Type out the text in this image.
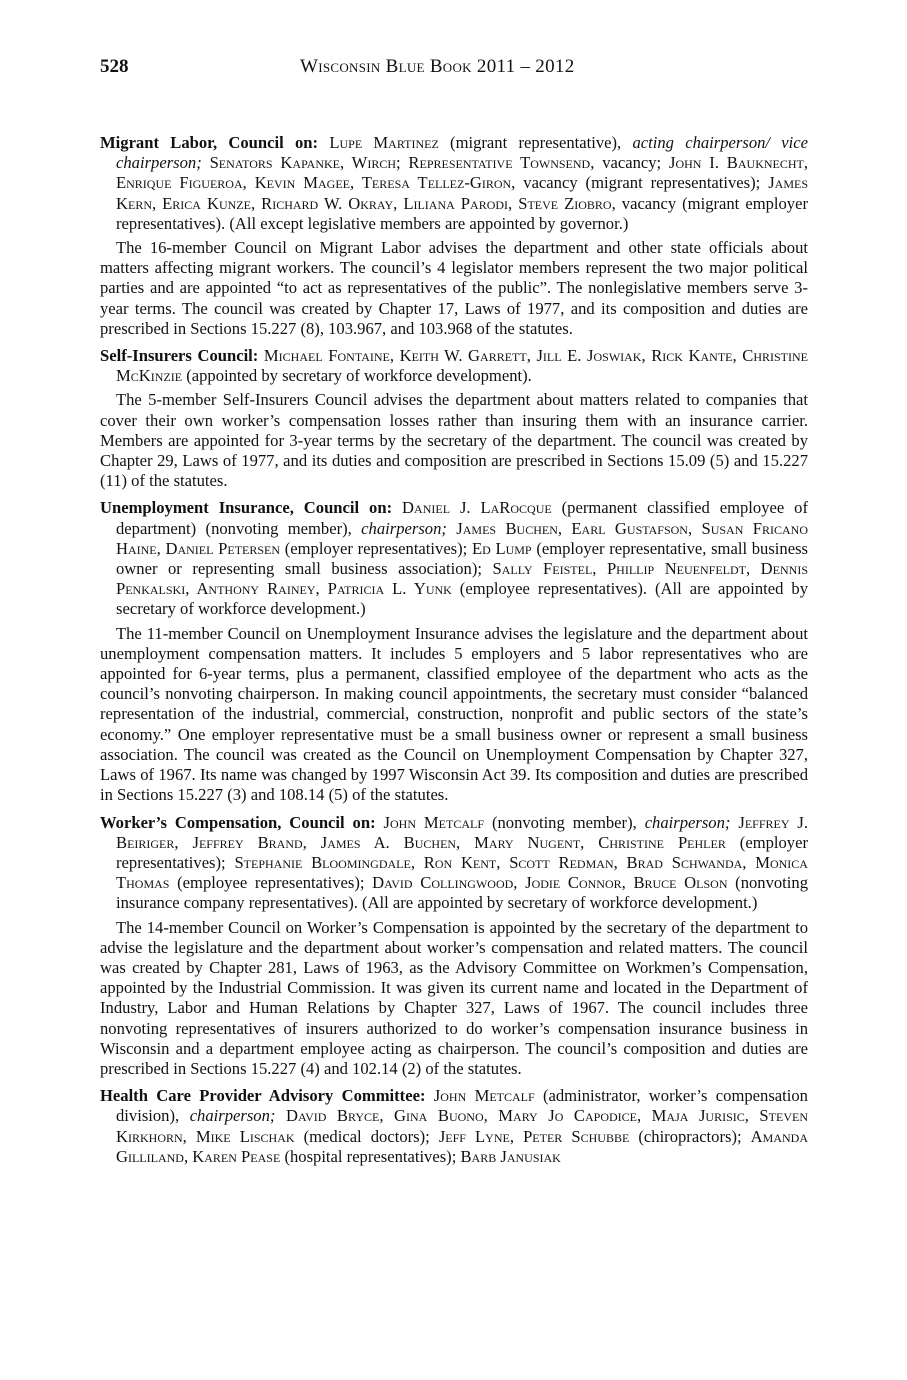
528	Wisconsin Blue Book 2011 – 2012

Migrant Labor, Council on: Lupe Martinez (migrant representative), acting chairperson/ vice chairperson; Senators Kapanke, Wirch; Representative Townsend, vacancy; John I. Bauknecht, Enrique Figueroa, Kevin Magee, Teresa Tellez-Giron, vacancy (migrant representatives); James Kern, Erica Kunze, Richard W. Okray, Liliana Parodi, Steve Ziobro, vacancy (migrant employer representatives). (All except legislative members are appointed by governor.)

The 16-member Council on Migrant Labor advises the department and other state officials about matters affecting migrant workers. The council’s 4 legislator members represent the two major political parties and are appointed “to act as representatives of the public”. The nonlegislative members serve 3-year terms. The council was created by Chapter 17, Laws of 1977, and its composition and duties are prescribed in Sections 15.227 (8), 103.967, and 103.968 of the statutes.

Self-Insurers Council: Michael Fontaine, Keith W. Garrett, Jill E. Joswiak, Rick Kante, Christine McKinzie (appointed by secretary of workforce development).

The 5-member Self-Insurers Council advises the department about matters related to companies that cover their own worker’s compensation losses rather than insuring them with an insurance carrier. Members are appointed for 3-year terms by the secretary of the department. The council was created by Chapter 29, Laws of 1977, and its duties and composition are prescribed in Sections 15.09 (5) and 15.227 (11) of the statutes.

Unemployment Insurance, Council on: Daniel J. LaRocque (permanent classified employee of department) (nonvoting member), chairperson; James Buchen, Earl Gustafson, Susan Fricano Haine, Daniel Petersen (employer representatives); Ed Lump (employer representative, small business owner or representing small business association); Sally Feistel, Phillip Neuenfeldt, Dennis Penkalski, Anthony Rainey, Patricia L. Yunk (employee representatives). (All are appointed by secretary of workforce development.)

The 11-member Council on Unemployment Insurance advises the legislature and the department about unemployment compensation matters. It includes 5 employers and 5 labor representatives who are appointed for 6-year terms, plus a permanent, classified employee of the department who acts as the council’s nonvoting chairperson. In making council appointments, the secretary must consider “balanced representation of the industrial, commercial, construction, nonprofit and public sectors of the state’s economy.” One employer representative must be a small business owner or represent a small business association. The council was created as the Council on Unemployment Compensation by Chapter 327, Laws of 1967. Its name was changed by 1997 Wisconsin Act 39. Its composition and duties are prescribed in Sections 15.227 (3) and 108.14 (5) of the statutes.

Worker’s Compensation, Council on: John Metcalf (nonvoting member), chairperson; Jeffrey J. Beiriger, Jeffrey Brand, James A. Buchen, Mary Nugent, Christine Pehler (employer representatives); Stephanie Bloomingdale, Ron Kent, Scott Redman, Brad Schwanda, Monica Thomas (employee representatives); David Collingwood, Jodie Connor, Bruce Olson (nonvoting insurance company representatives). (All are appointed by secretary of workforce development.)

The 14-member Council on Worker’s Compensation is appointed by the secretary of the department to advise the legislature and the department about worker’s compensation and related matters. The council was created by Chapter 281, Laws of 1963, as the Advisory Committee on Workmen’s Compensation, appointed by the Industrial Commission. It was given its current name and located in the Department of Industry, Labor and Human Relations by Chapter 327, Laws of 1967. The council includes three nonvoting representatives of insurers authorized to do worker’s compensation insurance business in Wisconsin and a department employee acting as chairperson. The council’s composition and duties are prescribed in Sections 15.227 (4) and 102.14 (2) of the statutes.

Health Care Provider Advisory Committee: John Metcalf (administrator, worker’s compensation division), chairperson; David Bryce, Gina Buono, Mary Jo Capodice, Maja Jurisic, Steven Kirkhorn, Mike Lischak (medical doctors); Jeff Lyne, Peter Schubbe (chiropractors); Amanda Gilliland, Karen Pease (hospital representatives); Barb Janusiak
